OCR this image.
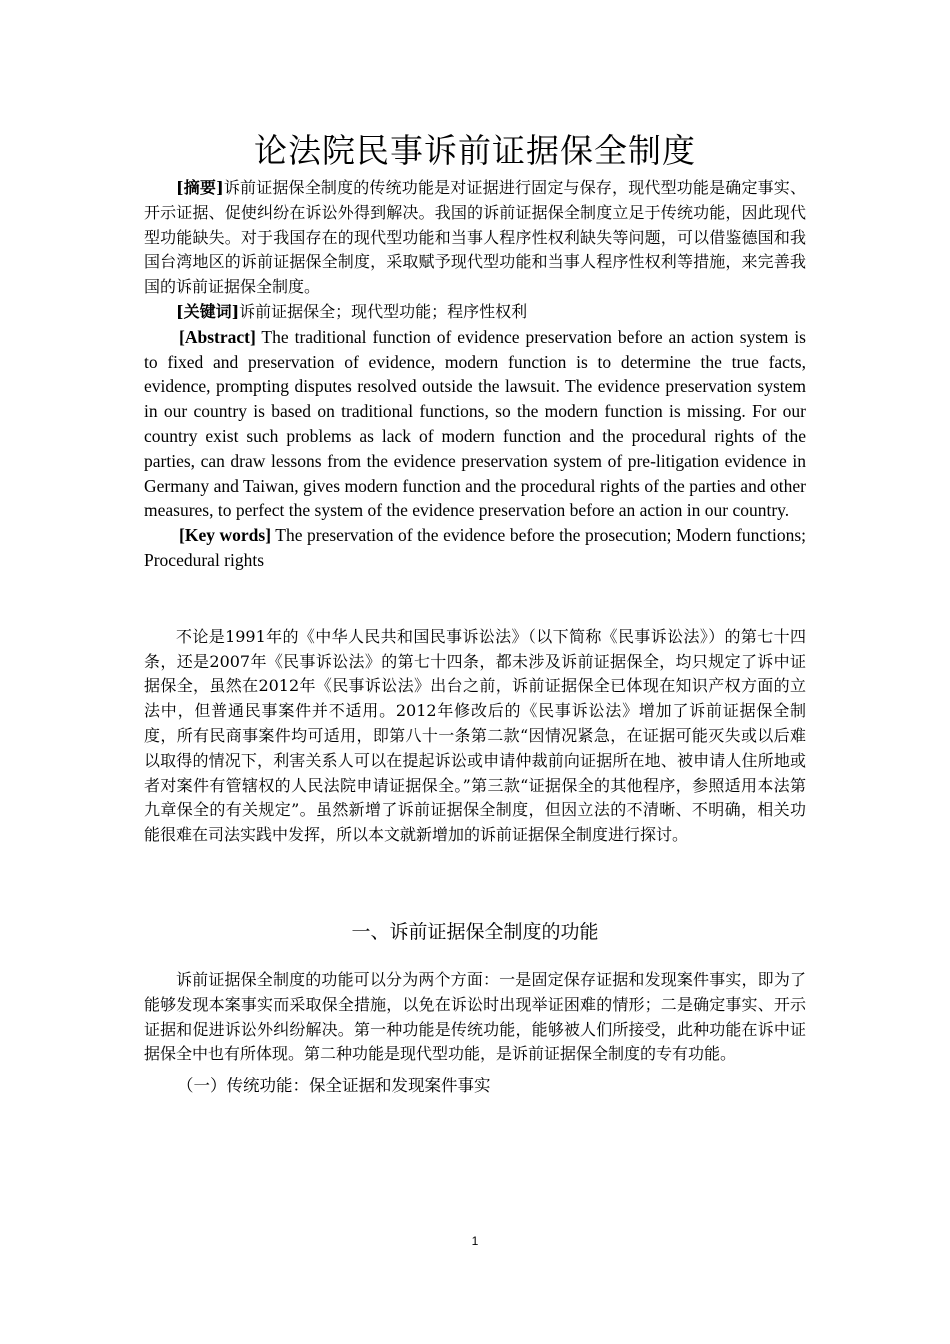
论法院民事诉前证据保全制度

[摘要]诉前证据保全制度的传统功能是对证据进行固定与保存，现代型功能是确定事实、开示证据、促使纠纷在诉讼外得到解决。我国的诉前证据保全制度立足于传统功能，因此现代型功能缺失。对于我国存在的现代型功能和当事人程序性权利缺失等问题，可以借鉴德国和我国台湾地区的诉前证据保全制度，采取赋予现代型功能和当事人程序性权利等措施，来完善我国的诉前证据保全制度。

[关键词]诉前证据保全；现代型功能；程序性权利

[Abstract] The traditional function of evidence preservation before an action system is to fixed and preservation of evidence, modern function is to determine the true facts, evidence, prompting disputes resolved outside the lawsuit. The evidence preservation system in our country is based on traditional functions, so the modern function is missing. For our country exist such problems as lack of modern function and the procedural rights of the parties, can draw lessons from the evidence preservation system of pre-litigation evidence in Germany and Taiwan, gives modern function and the procedural rights of the parties and other measures, to perfect the system of the evidence preservation before an action in our country.

[Key words] The preservation of the evidence before the prosecution; Modern functions; Procedural rights

不论是1991年的《中华人民共和国民事诉讼法》（以下简称《民事诉讼法》）的第七十四条，还是2007年《民事诉讼法》的第七十四条，都未涉及诉前证据保全，均只规定了诉中证据保全，虽然在2012年《民事诉讼法》出台之前，诉前证据保全已体现在知识产权方面的立法中，但普通民事案件并不适用。2012年修改后的《民事诉讼法》增加了诉前证据保全制度，所有民商事案件均可适用，即第八十一条第二款“因情况紧急，在证据可能灭失或以后难以取得的情况下，利害关系人可以在提起诉讼或申请仲裁前向证据所在地、被申请人住所地或者对案件有管辖权的人民法院申请证据保全。”第三款“证据保全的其他程序，参照适用本法第九章保全的有关规定”。虽然新增了诉前证据保全制度，但因立法的不清晰、不明确，相关功能很难在司法实践中发挥，所以本文就新增加的诉前证据保全制度进行探讨。

一、诉前证据保全制度的功能

诉前证据保全制度的功能可以分为两个方面：一是固定保存证据和发现案件事实，即为了能够发现本案事实而采取保全措施，以免在诉讼时出现举证困难的情形；二是确定事实、开示证据和促进诉讼外纠纷解决。第一种功能是传统功能，能够被人们所接受，此种功能在诉中证据保全中也有所体现。第二种功能是现代型功能，是诉前证据保全制度的专有功能。

（一）传统功能：保全证据和发现案件事实

1
